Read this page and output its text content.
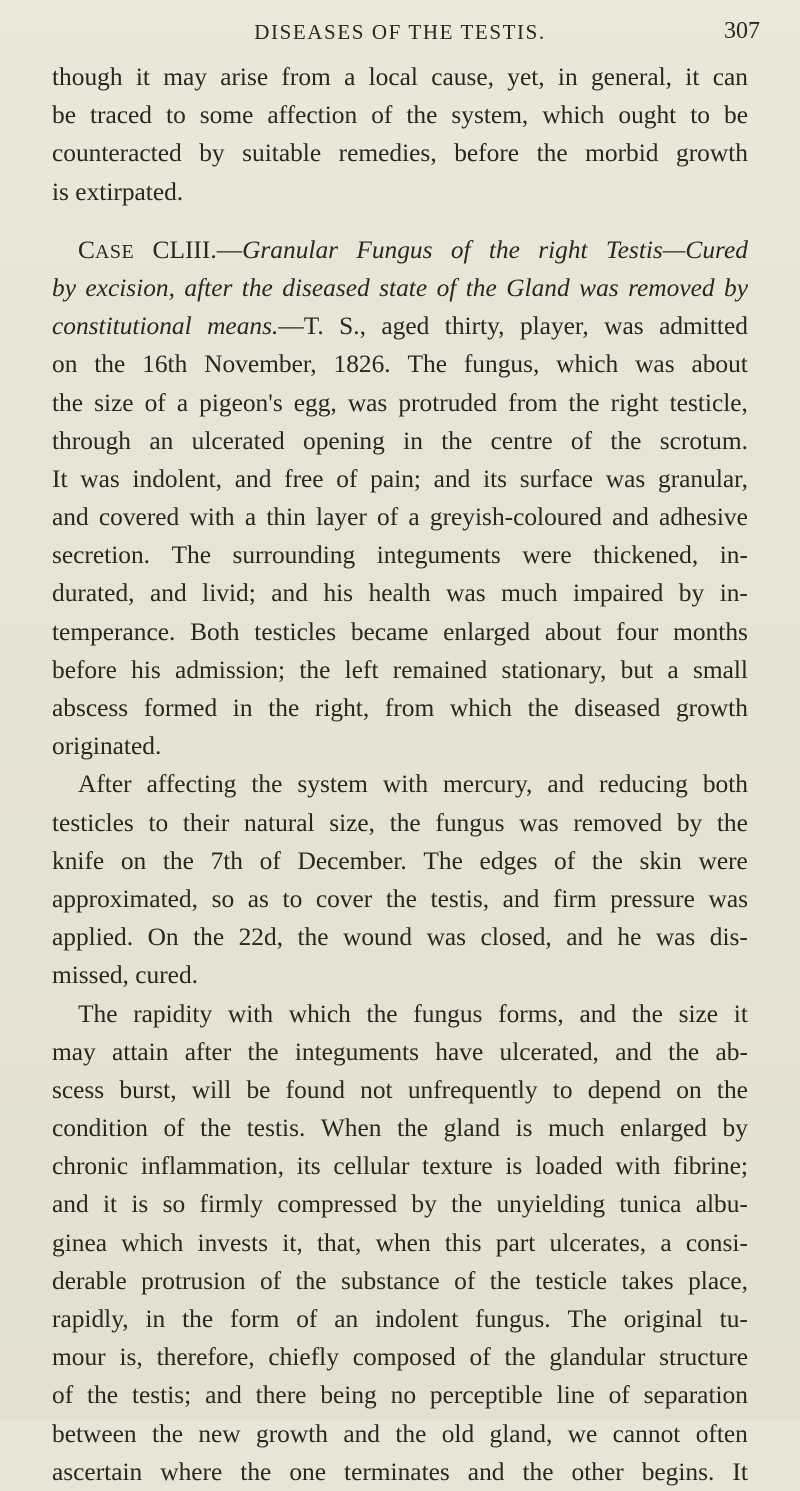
DISEASES OF THE TESTIS.	307
though it may arise from a local cause, yet, in general, it can
be traced to some affection of the system, which ought to be
counteracted by suitable remedies, before the morbid growth
is extirpated.
CASE CLIII.—Granular Fungus of the right Testis—Cured
by excision, after the diseased state of the Gland was removed by
constitutional means.—T. S., aged thirty, player, was admitted
on the 16th November, 1826. The fungus, which was about
the size of a pigeon's egg, was protruded from the right testicle,
through an ulcerated opening in the centre of the scrotum.
It was indolent, and free of pain; and its surface was granular,
and covered with a thin layer of a greyish-coloured and adhesive
secretion. The surrounding integuments were thickened, in-
durated, and livid; and his health was much impaired by in-
temperance. Both testicles became enlarged about four months
before his admission; the left remained stationary, but a small
abscess formed in the right, from which the diseased growth
originated.
After affecting the system with mercury, and reducing both
testicles to their natural size, the fungus was removed by the
knife on the 7th of December. The edges of the skin were
approximated, so as to cover the testis, and firm pressure was
applied. On the 22d, the wound was closed, and he was dis-
missed, cured.
The rapidity with which the fungus forms, and the size it
may attain after the integuments have ulcerated, and the ab-
scess burst, will be found not unfrequently to depend on the
condition of the testis. When the gland is much enlarged by
chronic inflammation, its cellular texture is loaded with fibrine;
and it is so firmly compressed by the unyielding tunica albu-
ginea which invests it, that, when this part ulcerates, a consi-
derable protrusion of the substance of the testicle takes place,
rapidly, in the form of an indolent fungus. The original tu-
mour is, therefore, chiefly composed of the glandular structure
of the testis; and there being no perceptible line of separation
between the new growth and the old gland, we cannot often
ascertain where the one terminates and the other begins. It
